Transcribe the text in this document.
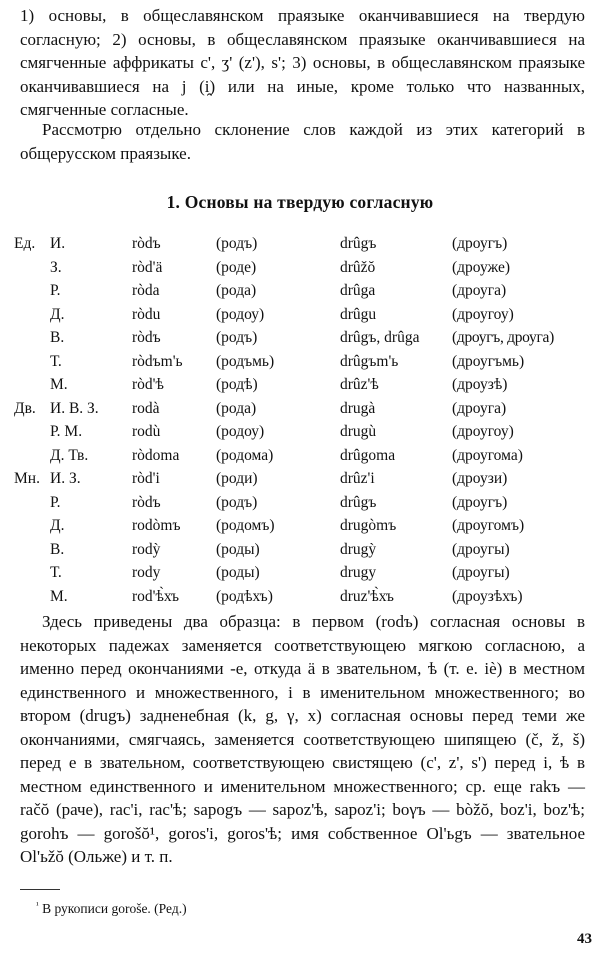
1) основы, в общеславянском праязыке оканчивавшиеся на твердую согласную; 2) основы, в общеславянском праязыке оканчивавшиеся на смягченные аффрикаты c', ʒ' (z'), s'; 3) основы, в общеславянском праязыке оканчивавшиеся на j (i̯) или на иные, кроме только что названных, смягченные согласные.

Рассмотрю отдельно склонение слов каждой из этих категорий в общерусском праязыке.

1. Основы на твердую согласную
Ед. И.	ròdъ	(родъ)	drûgъ	(дроугъ)
З.	ròd'ä	(роде)	drûžŏ	(дроуже)
Р.	ròda	(рода)	drûga	(дроуга)
Д.	ròdu	(родоу)	drûgu	(дроугоу)
В.	ròdъ	(родъ)	drûgъ, drûga (дроугъ, дроуга)
Т.	ròdъm'ь (родъмь)	drûgъm'ь	(дроугъмь)
М.	ròd'ѣ	(родѣ)	drûz'ѣ	(дроузѣ)
Дв. И. В. З. rodà	(рода)	drugà	(дроуга)
Р. М.	rodù	(родоу)	drugù	(дроугоу)
Д. Тв.	ròdoma (родома)	drûgoma	(дроугома)
Мн. И. З.	ròd'i	(роди)	drûz'i	(дроузи)
Р.	ròdъ	(родъ)	drûgъ	(дроугъ)
Д.	rodòmъ (родомъ)	drugòmъ	(дроугомъ)
В.	rodỳ	(роды)	drugỳ	(дроугы)
Т.	rody	(роды)	drugy	(дроугы)
М.	rod'ѣ̀хъ (родѣхъ)	druz'ѣ̀хъ	(дроузѣхъ)

Здесь приведены два образца: в первом (rodъ) согласная основы в некоторых падежах заменяется соответствующею мягкою согласною, а именно перед окончаниями -e, откуда ä в звательном, ѣ (т. е. iè) в местном единственного и множественного, i в именительном множественного; во втором (drugъ) задненебная (k, g, γ, x) согласная основы перед теми же окончаниями, смягчаясь, заменяется соответствующею шипящею (č, ž, š) перед e в звательном, соответствующею свистящею (c', z', s') перед i, ѣ в местном единственного и именительном множественного; ср. еще rakъ — račŏ (раче), rac'i, rac'ѣ; sapogъ — sapoz'ѣ, sapoz'i; boγъ — bòžŏ, boz'i, boz'ѣ; gorohъ — gorošŏ¹, goros'i, goros'ѣ; имя собственное Ol'ьgъ — звательное Ol'ьžŏ (Ольже) и т. п.

$^{^1}$ В рукописи gorošе. (Ред.)
43
